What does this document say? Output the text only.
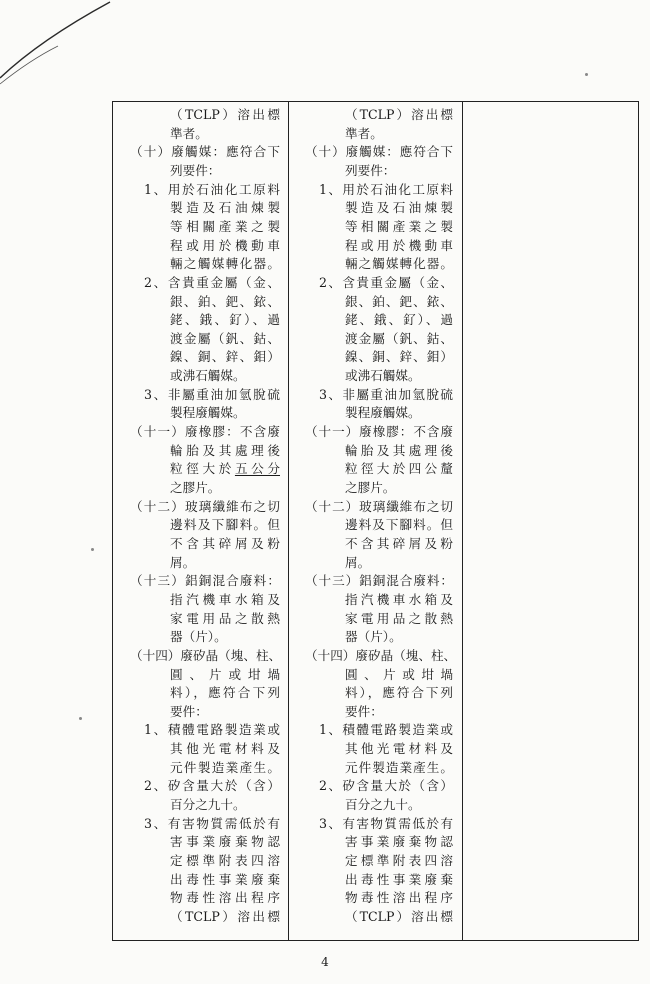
（TCLP）溶出標
準者。
（十）廢觸媒：應符合下
列要件：
1、用於石油化工原料
製造及石油煉製
等相關產業之製
程或用於機動車
輛之觸媒轉化器。
2、含貴重金屬（金、
銀、鉑、鈀、銥、
銠、鋨、釕）、過
渡金屬（釩、鈷、
鎳、銅、鋅、鉬）
或沸石觸媒。
3、非屬重油加氫脫硫
製程廢觸媒。
（十一）廢橡膠：不含廢
輪胎及其處理後
粒徑大於五公分
之膠片。
（十二）玻璃纖維布之切
邊料及下腳料。但
不含其碎屑及粉
屑。
（十三）鋁銅混合廢料：
指汽機車水箱及
家電用品之散熱
器（片）。
（十四）廢矽晶（塊、柱、
圓、片或坩堝
料），應符合下列
要件：
1、積體電路製造業或
其他光電材料及
元件製造業產生。
2、矽含量大於（含）
百分之九十。
3、有害物質需低於有
害事業廢棄物認
定標準附表四溶
出毒性事業廢棄
物毒性溶出程序
（TCLP）溶出標
（TCLP）溶出標
準者。
（十）廢觸媒：應符合下
列要件：
1、用於石油化工原料
製造及石油煉製
等相關產業之製
程或用於機動車
輛之觸媒轉化器。
2、含貴重金屬（金、
銀、鉑、鈀、銥、
銠、鋨、釕）、過
渡金屬（釩、鈷、
鎳、銅、鋅、鉬）
或沸石觸媒。
3、非屬重油加氫脫硫
製程廢觸媒。
（十一）廢橡膠：不含廢
輪胎及其處理後
粒徑大於四公釐
之膠片。
（十二）玻璃纖維布之切
邊料及下腳料。但
不含其碎屑及粉
屑。
（十三）鋁銅混合廢料：
指汽機車水箱及
家電用品之散熱
器（片）。
（十四）廢矽晶（塊、柱、
圓、片或坩堝
料），應符合下列
要件：
1、積體電路製造業或
其他光電材料及
元件製造業產生。
2、矽含量大於（含）
百分之九十。
3、有害物質需低於有
害事業廢棄物認
定標準附表四溶
出毒性事業廢棄
物毒性溶出程序
（TCLP）溶出標
4
